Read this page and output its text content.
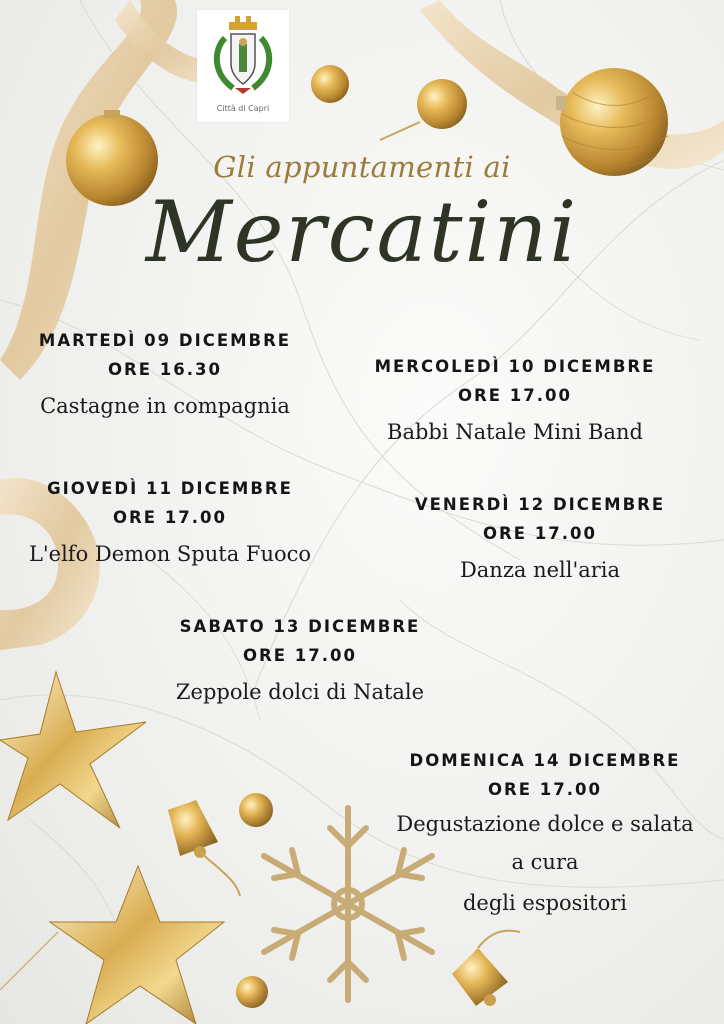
Città di Capri
Gli appuntamenti ai
Mercatini
MARTEDÌ 09 DICEMBRE
ORE 16.30
Castagne in compagnia
MERCOLEDÌ 10 DICEMBRE
ORE 17.00
Babbi Natale Mini Band
GIOVEDÌ 11 DICEMBRE
ORE 17.00
L'elfo Demon Sputa Fuoco
VENERDÌ 12 DICEMBRE
ORE 17.00
Danza nell'aria
SABATO 13 DICEMBRE
ORE 17.00
Zeppole dolci di Natale
DOMENICA 14 DICEMBRE
ORE 17.00
Degustazione dolce e salata
a cura
degli espositori
